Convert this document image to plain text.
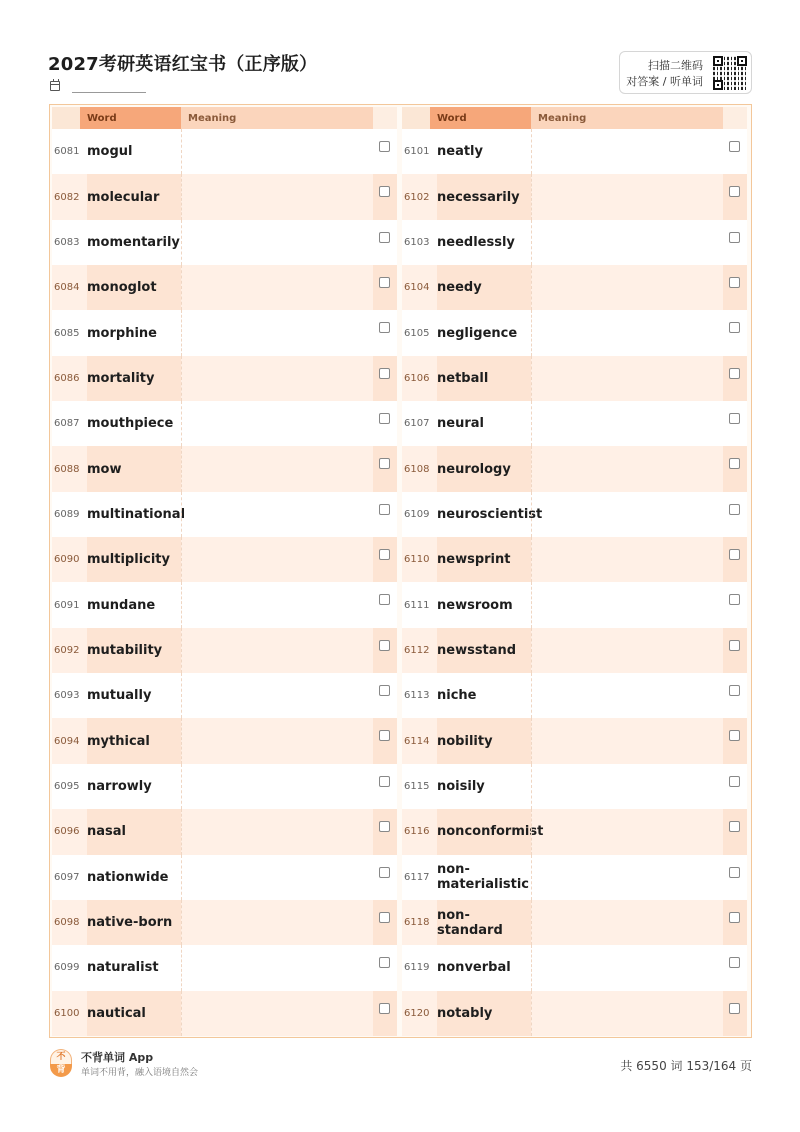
2027考研英语红宝书（正序版）	扫描二维码
对答案 / 听单词
Word	Meaning
6081 mogul
6082 molecular
6083 momentarily
6084 monoglot
6085 morphine
6086 mortality
6087 mouthpiece
6088 mow
6089 multinational
6090 multiplicity
6091 mundane
6092 mutability
6093 mutually
6094 mythical
6095 narrowly
6096 nasal
6097 nationwide
6098 native-born
6099 naturalist
6100 nautical
Word	Meaning
6101 neatly
6102 necessarily
6103 needlessly
6104 needy
6105 negligence
6106 netball
6107 neural
6108 neurology
6109 neuroscientist
6110 newsprint
6111 newsroom
6112 newsstand
6113 niche
6114 nobility
6115 noisily
6116 nonconformist
6117 non-materialistic
6118 non-standard
6119 nonverbal
6120 notably
不
背
不背单词 App
单词不用背，融入语境自然会	共 6550 词 153/164 页
